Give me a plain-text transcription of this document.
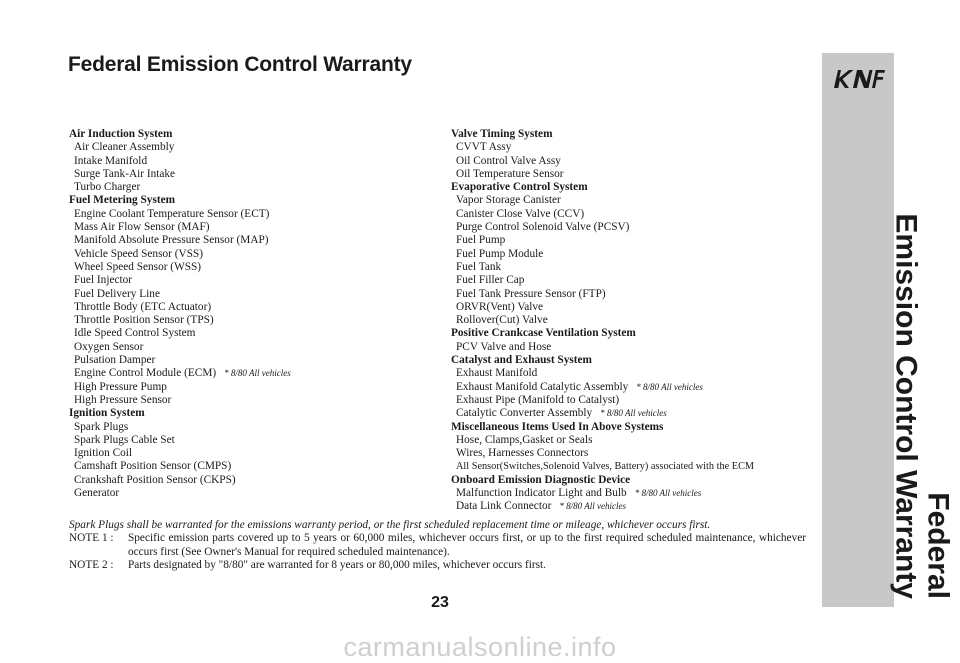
Federal Emission Control Warranty
Air Induction System
Air Cleaner Assembly
Intake Manifold
Surge Tank-Air Intake
Turbo Charger
Fuel Metering System
Engine Coolant Temperature Sensor (ECT)
Mass Air Flow Sensor (MAF)
Manifold Absolute Pressure Sensor (MAP)
Vehicle Speed Sensor (VSS)
Wheel Speed Sensor (WSS)
Fuel Injector
Fuel Delivery Line
Throttle Body (ETC Actuator)
Throttle Position Sensor (TPS)
Idle Speed Control System
Oxygen Sensor
Pulsation Damper
Engine Control Module (ECM) * 8/80 All vehicles
High Pressure Pump
High Pressure Sensor
Ignition System
Spark Plugs
Spark Plugs Cable Set
Ignition Coil
Camshaft Position Sensor (CMPS)
Crankshaft Position Sensor (CKPS)
Generator
Valve Timing System
CVVT Assy
Oil Control Valve Assy
Oil Temperature Sensor
Evaporative Control System
Vapor Storage Canister
Canister Close Valve (CCV)
Purge Control Solenoid Valve (PCSV)
Fuel Pump
Fuel Pump Module
Fuel Tank
Fuel Filler Cap
Fuel Tank Pressure Sensor (FTP)
ORVR(Vent) Valve
Rollover(Cut) Valve
Positive Crankcase Ventilation System
PCV Valve and Hose
Catalyst and Exhaust System
Exhaust Manifold
Exhaust Manifold Catalytic Assembly * 8/80 All vehicles
Exhaust Pipe (Manifold to Catalyst)
Catalytic Converter Assembly * 8/80 All vehicles
Miscellaneous Items Used In Above Systems
Hose, Clamps,Gasket or Seals
Wires, Harnesses Connectors
All Sensor(Switches,Solenoid Valves, Battery) associated with the ECM
Onboard Emission Diagnostic Device
Malfunction Indicator Light and Bulb * 8/80 All vehicles
Data Link Connector * 8/80 All vehicles
Spark Plugs shall be warranted for the emissions warranty period, or the first scheduled replacement time or mileage, whichever occurs first.
NOTE 1 :	Specific emission parts covered up to 5 years or 60,000 miles, whichever occurs first, or up to the first required scheduled maintenance, whichever occurs first (See Owner's Manual for required scheduled maintenance).
NOTE 2 :	Parts designated by "8/80" are warranted for 8 years or 80,000 miles, whichever occurs first.
23
Federal
Emission Control Warranty
carmanualsonline.info
